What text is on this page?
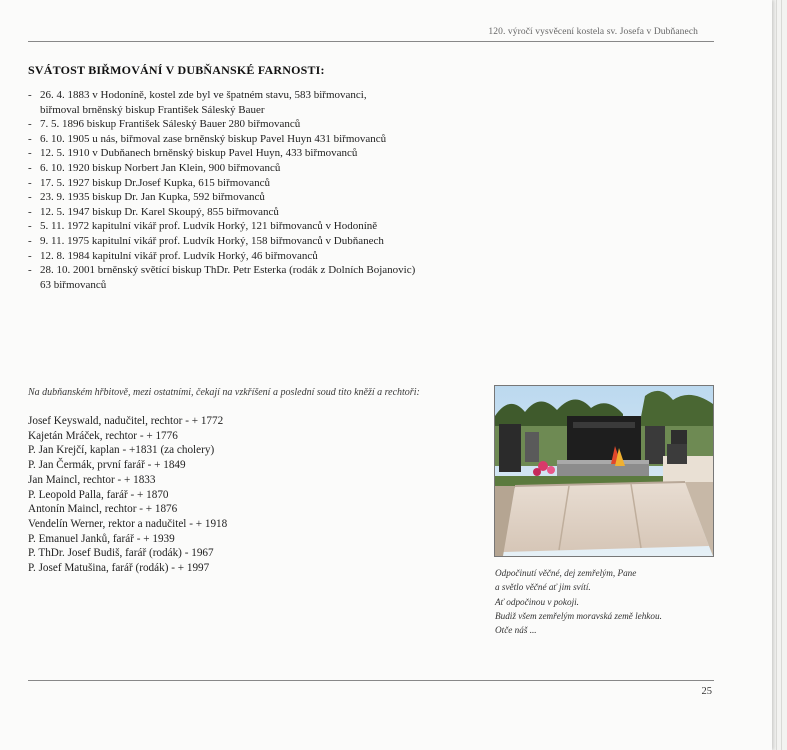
120. výročí vysvěcení kostela sv. Josefa v Dubňanech
SVÁTOST BIŘMOVÁNÍ V DUBŇANSKÉ FARNOSTI:
- 26. 4. 1883 v Hodoníně, kostel zde byl ve špatném stavu, 583 biřmovanci,
biřmoval brněnský biskup František Sáleský Bauer
- 7. 5. 1896 biskup František Sáleský Bauer 280 biřmovanců
- 6. 10. 1905 u nás, biřmoval zase brněnský biskup Pavel Huyn 431 biřmovanců
- 12. 5. 1910 v Dubňanech brněnský biskup Pavel Huyn, 433 biřmovanců
- 6. 10. 1920 biskup Norbert Jan Klein, 900 biřmovanců
- 17. 5. 1927 biskup Dr.Josef Kupka, 615 biřmovanců
- 23. 9. 1935 biskup Dr. Jan Kupka, 592 biřmovanců
- 12. 5. 1947 biskup Dr. Karel Skoupý, 855 biřmovanců
- 5. 11. 1972 kapitulní vikář prof. Ludvík Horký, 121 biřmovanců v Hodoníně
- 9. 11. 1975 kapitulní vikář prof. Ludvík Horký, 158 biřmovanců v Dubňanech
- 12. 8. 1984 kapitulní vikář prof. Ludvík Horký, 46 biřmovanců
- 28. 10. 2001 brněnský světící biskup ThDr. Petr Esterka (rodák z Dolních Bojanovic)
63 biřmovanců
Na dubňanském hřbitově, mezi ostatními, čekají na vzkříšení a poslední soud tito kněží a rechtoři:
Josef Keyswald, nadučitel, rechtor - + 1772
Kajetán Mráček, rechtor - + 1776
P. Jan Krejčí, kaplan - +1831 (za cholery)
P. Jan Čermák, první farář - + 1849
Jan Maincl, rechtor - + 1833
P. Leopold Palla, farář - + 1870
Antonín Maincl, rechtor - + 1876
Vendelín Werner, rektor a nadučitel - + 1918
P. Emanuel Janků, farář - + 1939
P. ThDr. Josef Budiš, farář (rodák) - 1967
P. Josef Matušina, farář (rodák) - + 1997	Odpočinutí věčné, dej zemřelým, Pane
a světlo věčné ať jim svítí.
Ať odpočinou v pokoji.
Budiž všem zemřelým moravská země lehkou.
Otče náš ...
25
